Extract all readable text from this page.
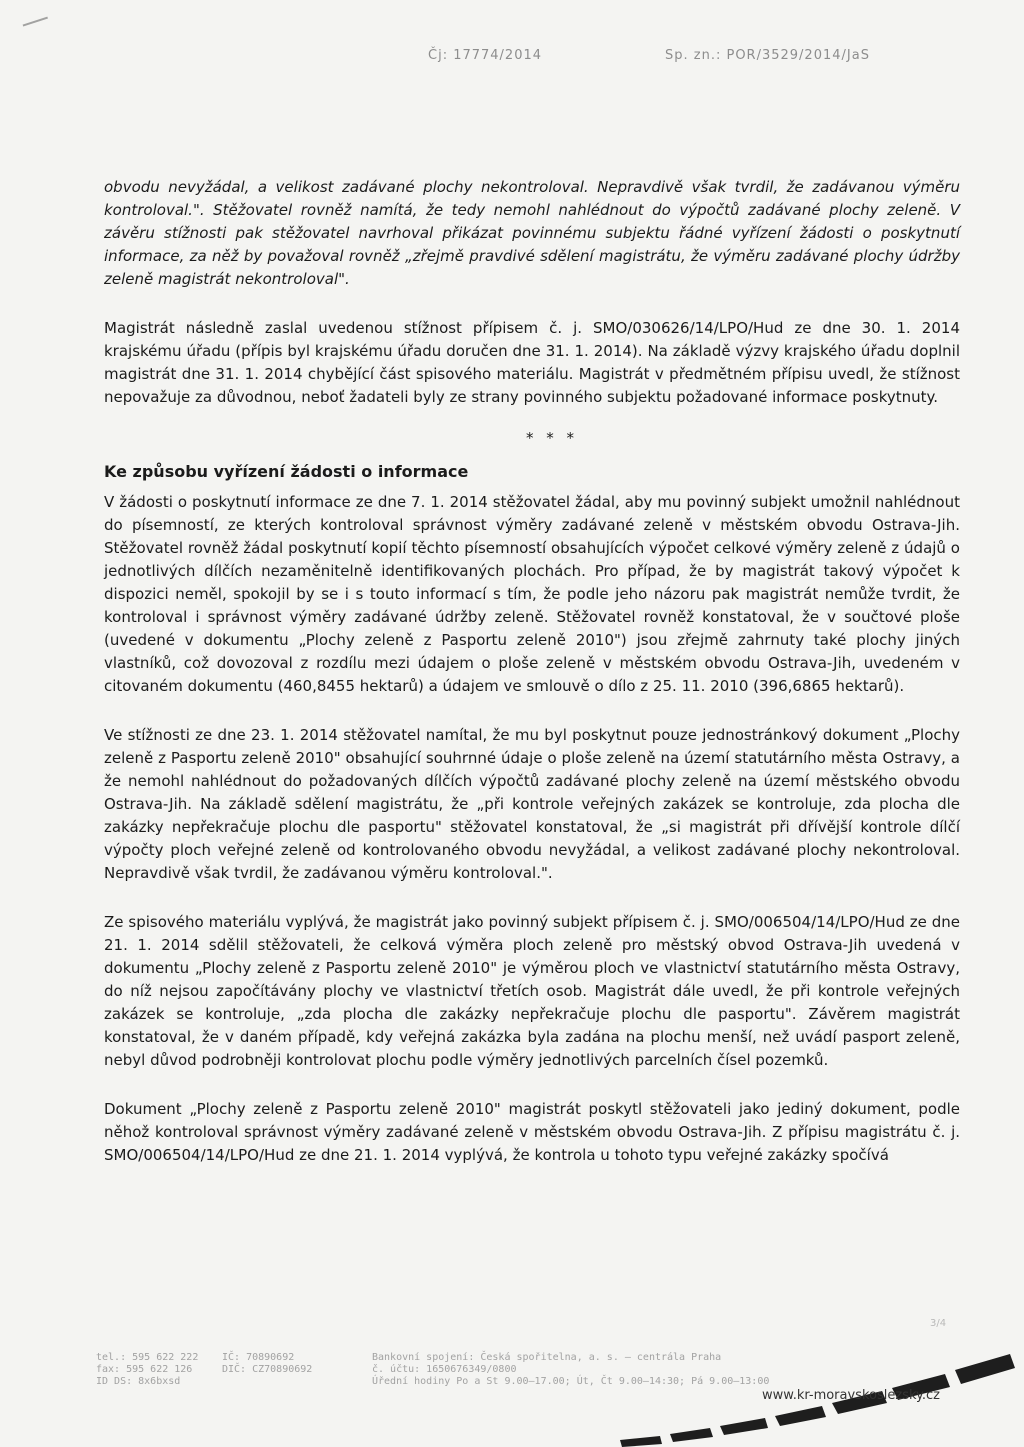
Čj: 17774/2014	Sp. zn.: POR/3529/2014/JaS

obvodu nevyžádal, a velikost zadávané plochy nekontroloval. Nepravdivě však tvrdil, že zadávanou výměru kontroloval.". Stěžovatel rovněž namítá, že tedy nemohl nahlédnout do výpočtů zadávané plochy zeleně. V závěru stížnosti pak stěžovatel navrhoval přikázat povinnému subjektu řádné vyřízení žádosti o poskytnutí informace, za něž by považoval rovněž „zřejmě pravdivé sdělení magistrátu, že výměru zadávané plochy údržby zeleně magistrát nekontroloval".

Magistrát následně zaslal uvedenou stížnost přípisem č. j. SMO/030626/14/LPO/Hud ze dne 30. 1. 2014 krajskému úřadu (přípis byl krajskému úřadu doručen dne 31. 1. 2014). Na základě výzvy krajského úřadu doplnil magistrát dne 31. 1. 2014 chybějící část spisového materiálu. Magistrát v předmětném přípisu uvedl, že stížnost nepovažuje za důvodnou, neboť žadateli byly ze strany povinného subjektu požadované informace poskytnuty.

* * *
Ke způsobu vyřízení žádosti o informace

V žádosti o poskytnutí informace ze dne 7. 1. 2014 stěžovatel žádal, aby mu povinný subjekt umožnil nahlédnout do písemností, ze kterých kontroloval správnost výměry zadávané zeleně v městském obvodu Ostrava-Jih. Stěžovatel rovněž žádal poskytnutí kopií těchto písemností obsahujících výpočet celkové výměry zeleně z údajů o jednotlivých dílčích nezaměnitelně identifikovaných plochách. Pro případ, že by magistrát takový výpočet k dispozici neměl, spokojil by se i s touto informací s tím, že podle jeho názoru pak magistrát nemůže tvrdit, že kontroloval i správnost výměry zadávané údržby zeleně. Stěžovatel rovněž konstatoval, že v součtové ploše (uvedené v dokumentu „Plochy zeleně z Pasportu zeleně 2010") jsou zřejmě zahrnuty také plochy jiných vlastníků, což dovozoval z rozdílu mezi údajem o ploše zeleně v městském obvodu Ostrava-Jih, uvedeném v citovaném dokumentu (460,8455 hektarů) a údajem ve smlouvě o dílo z 25. 11. 2010 (396,6865 hektarů).

Ve stížnosti ze dne 23. 1. 2014 stěžovatel namítal, že mu byl poskytnut pouze jednostránkový dokument „Plochy zeleně z Pasportu zeleně 2010" obsahující souhrnné údaje o ploše zeleně na území statutárního města Ostravy, a že nemohl nahlédnout do požadovaných dílčích výpočtů zadávané plochy zeleně na území městského obvodu Ostrava-Jih. Na základě sdělení magistrátu, že „při kontrole veřejných zakázek se kontroluje, zda plocha dle zakázky nepřekračuje plochu dle pasportu" stěžovatel konstatoval, že „si magistrát při dřívější kontrole dílčí výpočty ploch veřejné zeleně od kontrolovaného obvodu nevyžádal, a velikost zadávané plochy nekontroloval. Nepravdivě však tvrdil, že zadávanou výměru kontroloval.".

Ze spisového materiálu vyplývá, že magistrát jako povinný subjekt přípisem č. j. SMO/006504/14/LPO/Hud ze dne 21. 1. 2014 sdělil stěžovateli, že celková výměra ploch zeleně pro městský obvod Ostrava-Jih uvedená v dokumentu „Plochy zeleně z Pasportu zeleně 2010" je výměrou ploch ve vlastnictví statutárního města Ostravy, do níž nejsou započítávány plochy ve vlastnictví třetích osob. Magistrát dále uvedl, že při kontrole veřejných zakázek se kontroluje, „zda plocha dle zakázky nepřekračuje plochu dle pasportu". Závěrem magistrát konstatoval, že v daném případě, kdy veřejná zakázka byla zadána na plochu menší, než uvádí pasport zeleně, nebyl důvod podrobněji kontrolovat plochu podle výměry jednotlivých parcelních čísel pozemků.

Dokument „Plochy zeleně z Pasportu zeleně 2010" magistrát poskytl stěžovateli jako jediný dokument, podle něhož kontroloval správnost výměry zadávané zeleně v městském obvodu Ostrava-Jih. Z přípisu magistrátu č. j. SMO/006504/14/LPO/Hud ze dne 21. 1. 2014 vyplývá, že kontrola u tohoto typu veřejné zakázky spočívá

tel.: 595 622 222
fax: 595 622 126
ID DS: 8x6bxsd
IČ: 70890692
DIČ: CZ70890692
Bankovní spojení: Česká spořitelna, a. s. – centrála Praha
č. účtu: 1650676349/0800
Úřední hodiny Po a St 9.00–17.00; Út, Čt 9.00–14:30; Pá 9.00–13:00
3/4
www.kr-moravskoslezsky.cz
